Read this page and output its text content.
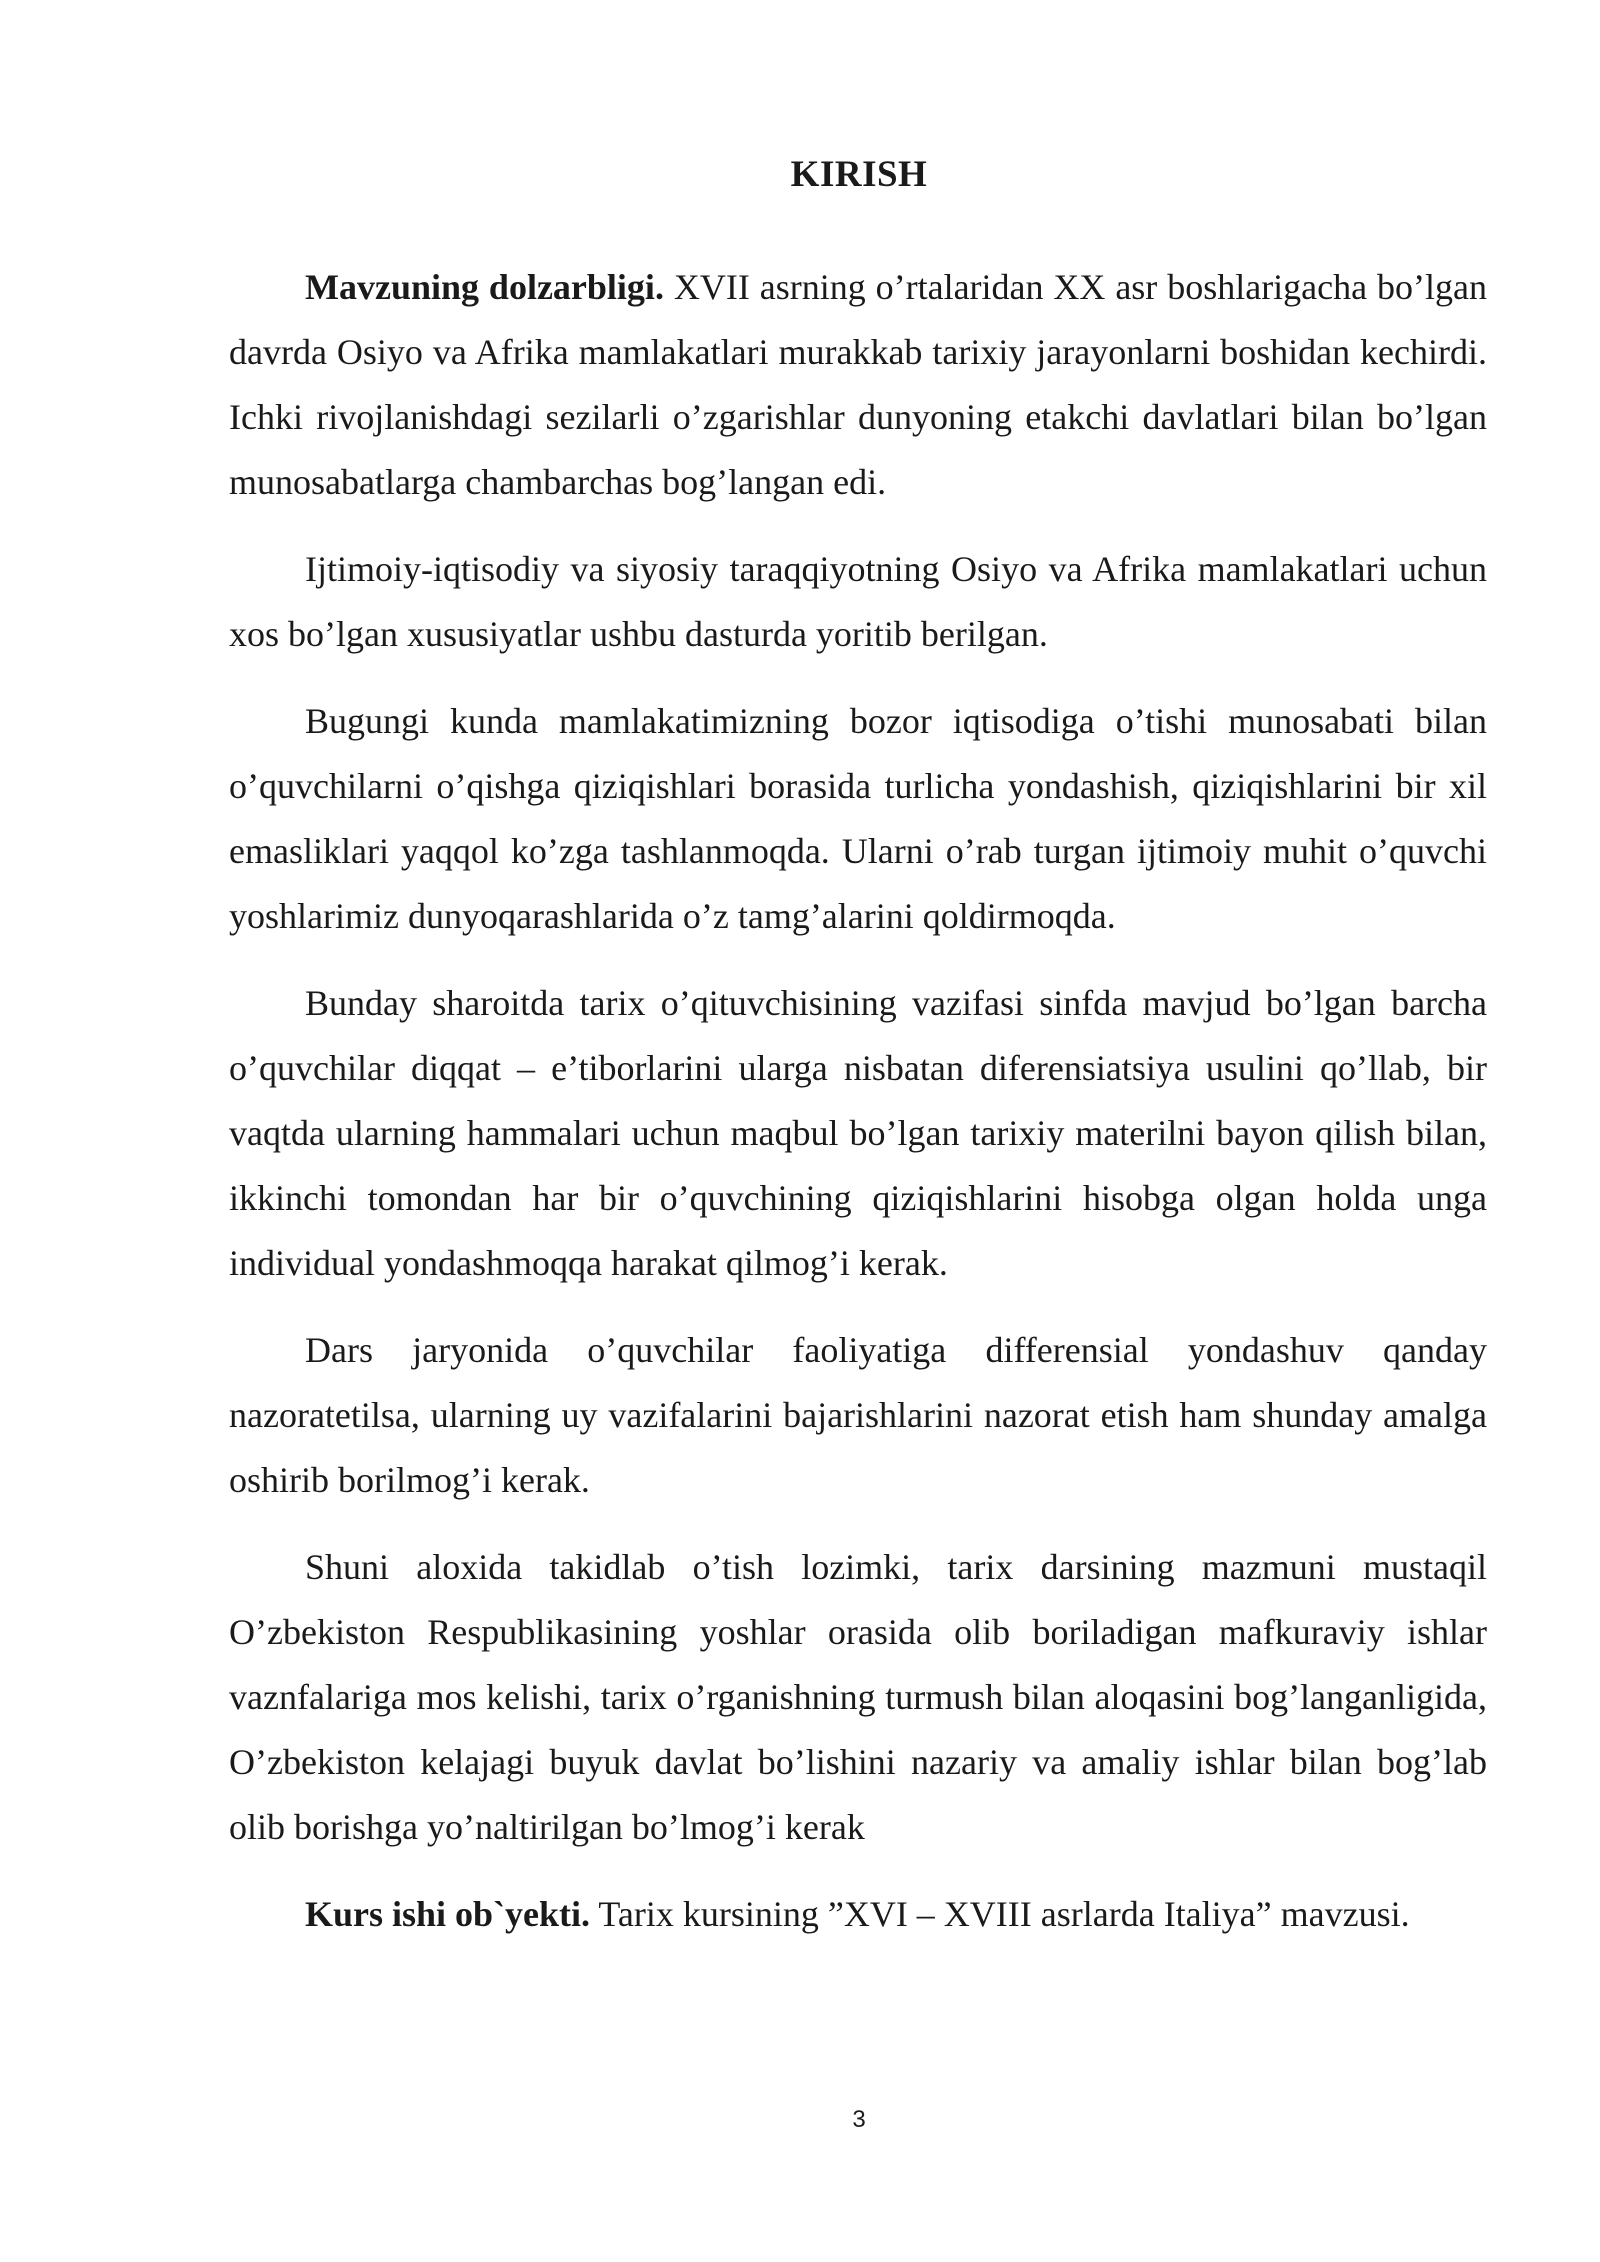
KIRISH

Mavzuning dolzarbligi. XVII asrning o’rtalaridan XX asr boshlarigacha bo’lgan davrda Osiyo va Afrika mamlakatlari murakkab tarixiy jarayonlarni boshidan kechirdi. Ichki rivojlanishdagi sezilarli o’zgarishlar dunyoning etakchi davlatlari bilan bo’lgan munosabatlarga chambarchas bog’langan edi.

Ijtimoiy-iqtisodiy va siyosiy taraqqiyotning Osiyo va Afrika mamlakatlari uchun xos bo’lgan xususiyatlar ushbu dasturda yoritib berilgan.

Bugungi kunda mamlakatimizning bozor iqtisodiga o’tishi munosabati bilan o’quvchilarni o’qishga qiziqishlari borasida turlicha yondashish, qiziqishlarini bir xil emasliklari yaqqol ko’zga tashlanmoqda. Ularni o’rab turgan ijtimoiy muhit o’quvchi yoshlarimiz dunyoqarashlarida o’z tamg’alarini qoldirmoqda.

Bunday sharoitda tarix o’qituvchisining vazifasi sinfda mavjud bo’lgan barcha o’quvchilar diqqat – e’tiborlarini ularga nisbatan diferensiatsiya usulini qo’llab, bir vaqtda ularning hammalari uchun maqbul bo’lgan tarixiy materilni bayon qilish bilan, ikkinchi tomondan har bir o’quvchining qiziqishlarini hisobga olgan holda unga individual yondashmoqqa harakat qilmog’i kerak.

Dars jaryonida o’quvchilar faoliyatiga differensial yondashuv qanday nazoratetilsa, ularning uy vazifalarini bajarishlarini nazorat etish ham shunday amalga oshirib borilmog’i kerak.

Shuni aloxida takidlab o’tish lozimki, tarix darsining mazmuni mustaqil O’zbekiston Respublikasining yoshlar orasida olib boriladigan mafkuraviy ishlar vaznfalariga mos kelishi, tarix o’rganishning turmush bilan aloqasini bog’langanligida, O’zbekiston kelajagi buyuk davlat bo’lishini nazariy va amaliy ishlar bilan bog’lab olib borishga yo’naltirilgan bo’lmog’i kerak

Kurs ishi ob`yekti. Tarix kursining ”XVI – XVIII asrlarda Italiya” mavzusi.

3
